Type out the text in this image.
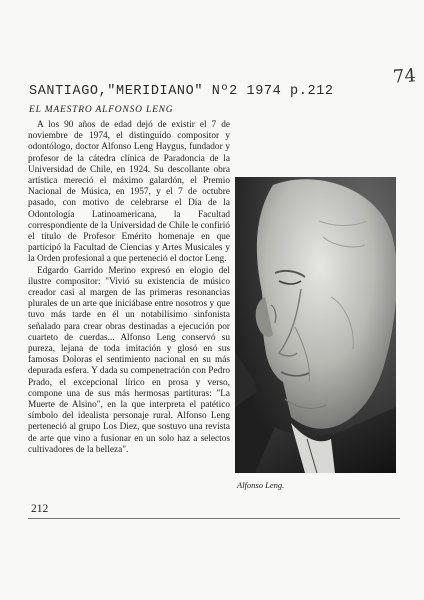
SANTIAGO,"MERIDIANO" Nº2 1974 p.212
74
EL MAESTRO ALFONSO LENG

A los 90 años de edad dejó de existir el 7 de noviembre de 1974, el distinguido compositor y odontólogo, doctor Alfonso Leng Haygus, fundador y profesor de la cátedra clínica de Paradoncia de la Universidad de Chile, en 1924. Su descollante obra artística mereció el máximo galardón, el Premio Nacional de Música, en 1957, y el 7 de octubre pasado, con motivo de celebrarse el Día de la Odontología Latinoamericana, la Facultad correspondiente de la Universidad de Chile le confirió el título de Profesor Emérito homenaje en que participó la Facultad de Ciencias y Artes Musicales y la Orden profesional a que perteneció el doctor Leng.

Edgardo Garrido Merino expresó en elogio del ilustre compositor: "Vivió su existencia de músico creador casi al margen de las primeras resonancias plurales de un arte que iniciábase entre nosotros y que tuvo más tarde en él un notabilísimo sinfonista señalado para crear obras destinadas a ejecución por cuarteto de cuerdas... Alfonso Leng conservó su pureza, lejana de toda imitación y glosó en sus famosas Doloras el sentimiento nacional en su más depurada esfera. Y dada su compenetración con Pedro Prado, el excepcional lírico en prosa y verso, compone una de sus más hermosas partituras: "La Muerte de Alsino", en la que interpreta el patético símbolo del idealista personaje rural. Alfonso Leng perteneció al grupo Los Diez, que sostuvo una revista de arte que vino a fusionar en un solo haz a selectos cultivadores de la belleza".

Alfonso Leng.
212
